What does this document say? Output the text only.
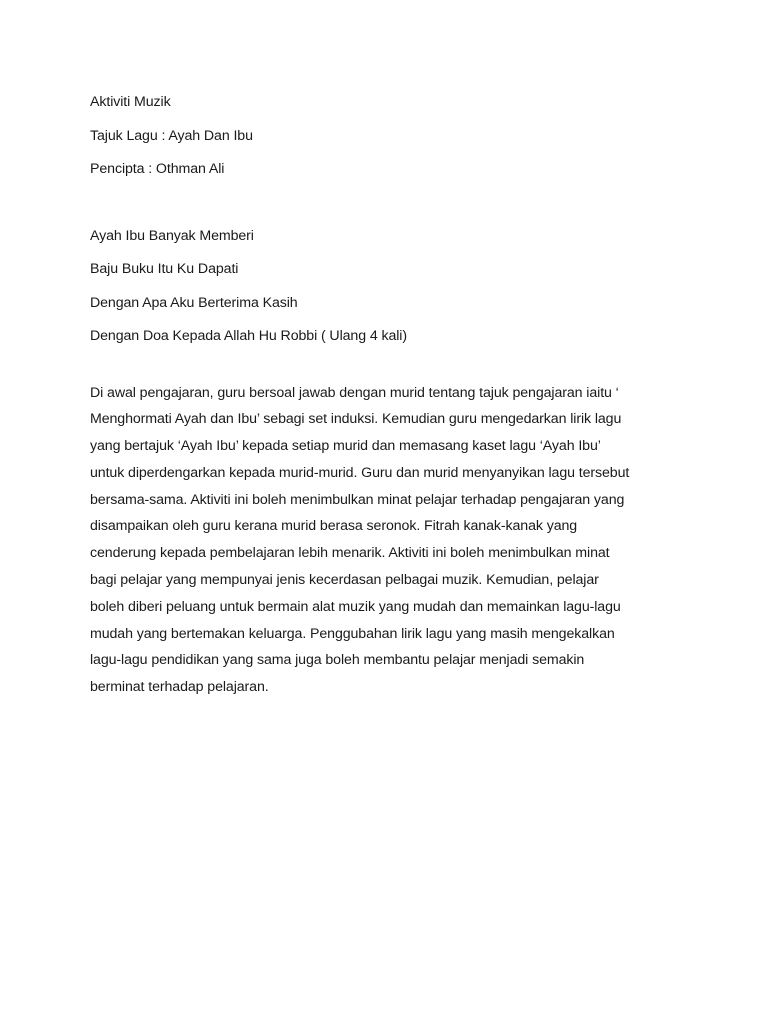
Aktiviti Muzik

Tajuk Lagu : Ayah Dan Ibu

Pencipta : Othman Ali

Ayah Ibu Banyak Memberi

Baju Buku Itu Ku Dapati

Dengan Apa Aku Berterima Kasih

Dengan Doa Kepada Allah Hu Robbi ( Ulang 4 kali)

Di awal pengajaran, guru bersoal jawab dengan murid tentang tajuk pengajaran iaitu ‘
Menghormati Ayah dan Ibu’ sebagi set induksi. Kemudian guru mengedarkan lirik lagu
yang bertajuk ‘Ayah Ibu’ kepada setiap murid dan memasang kaset lagu ‘Ayah Ibu’
untuk diperdengarkan kepada murid-murid. Guru dan murid menyanyikan lagu tersebut
bersama-sama. Aktiviti ini boleh menimbulkan minat pelajar terhadap pengajaran yang
disampaikan oleh guru kerana murid berasa seronok. Fitrah kanak-kanak yang
cenderung kepada pembelajaran lebih menarik. Aktiviti ini boleh menimbulkan minat
bagi pelajar yang mempunyai jenis kecerdasan pelbagai muzik. Kemudian, pelajar
boleh diberi peluang untuk bermain alat muzik yang mudah dan memainkan lagu-lagu
mudah yang bertemakan keluarga. Penggubahan lirik lagu yang masih mengekalkan
lagu-lagu pendidikan yang sama juga boleh membantu pelajar menjadi semakin
berminat terhadap pelajaran.
